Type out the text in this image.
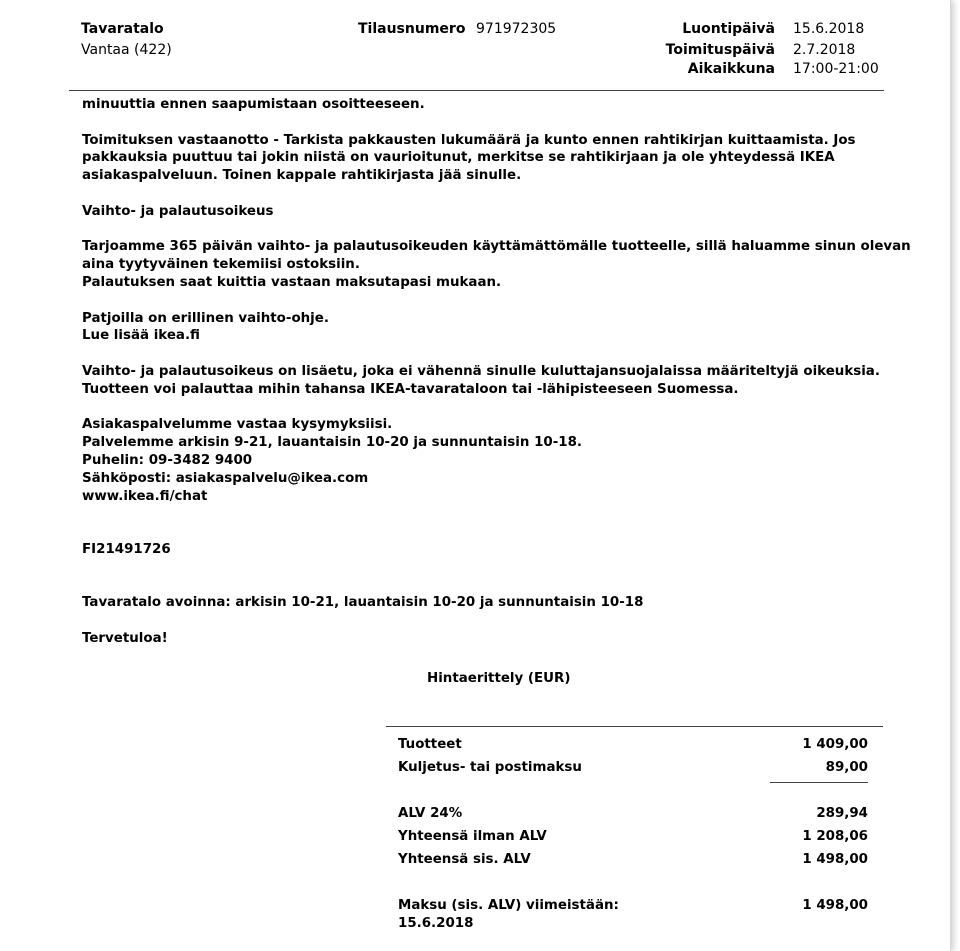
Tavaratalo
Vantaa (422)
Tilausnumero 971972305	Luontipäivä 15.6.2018
Toimituspäivä 2.7.2018
Aikaikkuna 17:00-21:00

minuuttia ennen saapumistaan osoitteeseen.

Toimituksen vastaanotto - Tarkista pakkausten lukumäärä ja kunto ennen rahtikirjan kuittaamista. Jos

pakkauksia puuttuu tai jokin niistä on vaurioitunut, merkitse se rahtikirjaan ja ole yhteydessä IKEA

asiakaspalveluun. Toinen kappale rahtikirjasta jää sinulle.

Vaihto- ja palautusoikeus

Tarjoamme 365 päivän vaihto- ja palautusoikeuden käyttämättömälle tuotteelle, sillä haluamme sinun olevan

aina tyytyväinen tekemiisi ostoksiin.

Palautuksen saat kuittia vastaan maksutapasi mukaan.

Patjoilla on erillinen vaihto-ohje.

Lue lisää ikea.fi

Vaihto- ja palautusoikeus on lisäetu, joka ei vähennä sinulle kuluttajansuojalaissa määriteltyjä oikeuksia.

Tuotteen voi palauttaa mihin tahansa IKEA-tavarataloon tai -lähipisteeseen Suomessa.

Asiakaspalvelumme vastaa kysymyksiisi.

Palvelemme arkisin 9-21, lauantaisin 10-20 ja sunnuntaisin 10-18.

Puhelin: 09-3482 9400

Sähköposti: asiakaspalvelu@ikea.com

www.ikea.fi/chat

FI21491726

Tavaratalo avoinna: arkisin 10-21, lauantaisin 10-20 ja sunnuntaisin 10-18

Tervetuloa!

Hintaerittely (EUR)
Tuotteet	1 409,00
Kuljetus- tai postimaksu	89,00
ALV 24%	289,94
Yhteensä ilman ALV	1 208,06
Yhteensä sis. ALV	1 498,00
Maksu (sis. ALV) viimeistään:	1 498,00
15.6.2018
